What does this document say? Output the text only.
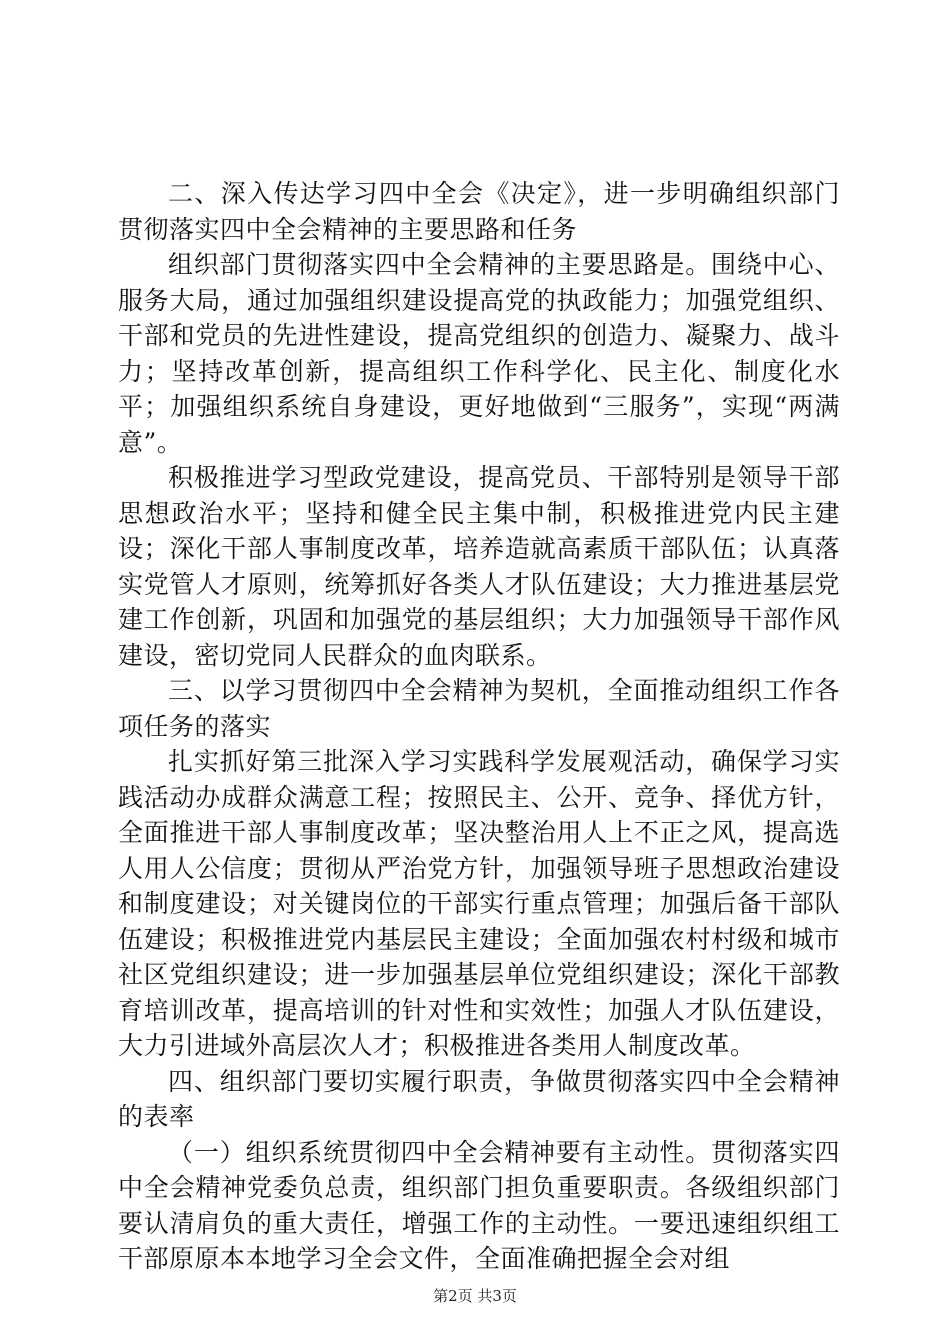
二、深入传达学习四中全会《决定》，进一步明确组织部门贯彻落实四中全会精神的主要思路和任务

组织部门贯彻落实四中全会精神的主要思路是。围绕中心、服务大局，通过加强组织建设提高党的执政能力；加强党组织、干部和党员的先进性建设，提高党组织的创造力、凝聚力、战斗力；坚持改革创新，提高组织工作科学化、民主化、制度化水平；加强组织系统自身建设，更好地做到“三服务”，实现“两满意”。

积极推进学习型政党建设，提高党员、干部特别是领导干部思想政治水平；坚持和健全民主集中制，积极推进党内民主建设；深化干部人事制度改革，培养造就高素质干部队伍；认真落实党管人才原则，统筹抓好各类人才队伍建设；大力推进基层党建工作创新，巩固和加强党的基层组织；大力加强领导干部作风建设，密切党同人民群众的血肉联系。

三、以学习贯彻四中全会精神为契机，全面推动组织工作各项任务的落实

扎实抓好第三批深入学习实践科学发展观活动，确保学习实践活动办成群众满意工程；按照民主、公开、竞争、择优方针，全面推进干部人事制度改革；坚决整治用人上不正之风，提高选人用人公信度；贯彻从严治党方针，加强领导班子思想政治建设和制度建设；对关键岗位的干部实行重点管理；加强后备干部队伍建设；积极推进党内基层民主建设；全面加强农村村级和城市社区党组织建设；进一步加强基层单位党组织建设；深化干部教育培训改革，提高培训的针对性和实效性；加强人才队伍建设，大力引进域外高层次人才；积极推进各类用人制度改革。

四、组织部门要切实履行职责，争做贯彻落实四中全会精神的表率

（一）组织系统贯彻四中全会精神要有主动性。贯彻落实四中全会精神党委负总责，组织部门担负重要职责。各级组织部门要认清肩负的重大责任，增强工作的主动性。一要迅速组织组工干部原原本本地学习全会文件，全面准确把握全会对组

第2页 共3页
